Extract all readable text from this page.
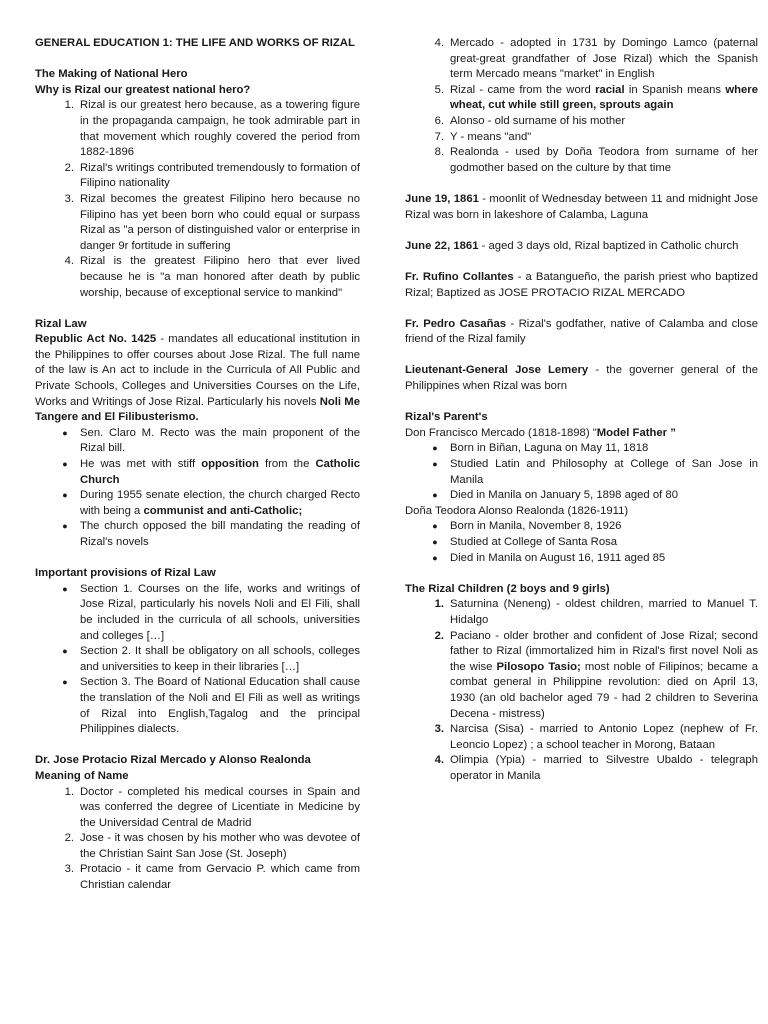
GENERAL EDUCATION 1: THE LIFE AND WORKS OF RIZAL

The Making of National Hero

Why is Rizal our greatest national hero?

1. Rizal is our greatest hero because, as a towering figure in the propaganda campaign, he took admirable part in that movement which roughly covered the period from 1882-1896
2. Rizal's writings contributed tremendously to formation of Filipino nationality
3. Rizal becomes the greatest Filipino hero because no Filipino has yet been born who could equal or surpass Rizal as "a person of distinguished valor or enterprise in danger 9r fortitude in suffering
4. Rizal is the greatest Filipino hero that ever lived because he is "a man honored after death by public worship, because of exceptional service to mankind"

Rizal Law

Republic Act No. 1425 - mandates all educational institution in the Philippines to offer courses about Jose Rizal. The full name of the law is An act to include in the Curricula of All Public and Private Schools, Colleges and Universities Courses on the Life, Works and Writings of Jose Rizal. Particularly his novels Noli Me Tangere and El Filibusterismo.

● Sen. Claro M. Recto was the main proponent of the Rizal bill.
● He was met with stiff opposition from the Catholic Church
● During 1955 senate election, the church charged Recto with being a communist and anti-Catholic;
● The church opposed the bill mandating the reading of Rizal's novels

Important provisions of Rizal Law

● Section 1. Courses on the life, works and writings of Jose Rizal, particularly his novels Noli and El Fili, shall be included in the curricula of all schools, universities and colleges […]
● Section 2. It shall be obligatory on all schools, colleges and universities to keep in their libraries […]
● Section 3. The Board of National Education shall cause the translation of the Noli and El Fili as well as writings of Rizal into English,Tagalog and the principal Philippines dialects.

Dr. Jose Protacio Rizal Mercado y Alonso Realonda

Meaning of Name

1. Doctor - completed his medical courses in Spain and was conferred the degree of Licentiate in Medicine by the Universidad Central de Madrid
2. Jose - it was chosen by his mother who was devotee of the Christian Saint San Jose (St. Joseph)
3. Protacio - it came from Gervacio P. which came from Christian calendar
4. Mercado - adopted in 1731 by Domingo Lamco (paternal great-great grandfather of Jose Rizal) which the Spanish term Mercado means "market" in English
5. Rizal - came from the word racial in Spanish means where wheat, cut while still green, sprouts again
6. Alonso - old surname of his mother
7. Y - means "and"
8. Realonda - used by Doña Teodora from surname of her godmother based on the culture by that time

June 19, 1861 - moonlit of Wednesday between 11 and midnight Jose Rizal was born in lakeshore of Calamba, Laguna

June 22, 1861 - aged 3 days old, Rizal baptized in Catholic church

Fr. Rufino Collantes - a Batangueño, the parish priest who baptized Rizal; Baptized as JOSE PROTACIO RIZAL MERCADO

Fr. Pedro Casañas - Rizal's godfather, native of Calamba and close friend of the Rizal family

Lieutenant-General Jose Lemery - the governer general of the Philippines when Rizal was born

Rizal's Parent's

Don Francisco Mercado (1818-1898) "Model Father ”

● Born in Biñan, Laguna on May 11, 1818
● Studied Latin and Philosophy at College of San Jose in Manila
● Died in Manila on January 5, 1898 aged of 80

Doña Teodora Alonso Realonda (1826-1911)

● Born in Manila, November 8, 1926
● Studied at College of Santa Rosa
● Died in Manila on August 16, 1911 aged 85

The Rizal Children (2 boys and 9 girls)

1. Saturnina (Neneng) - oldest children, married to Manuel T. Hidalgo
2. Paciano - older brother and confident of Jose Rizal; second father to Rizal (immortalized him in Rizal's first novel Noli as the wise Pilosopo Tasio; most noble of Filipinos; became a combat general in Philippine revolution: died on April 13, 1930 (an old bachelor aged 79 - had 2 children to Severina Decena - mistress)
3. Narcisa (Sisa) - married to Antonio Lopez (nephew of Fr. Leoncio Lopez) ; a school teacher in Morong, Bataan
4. Olimpia (Ypia) - married to Silvestre Ubaldo - telegraph operator in Manila
